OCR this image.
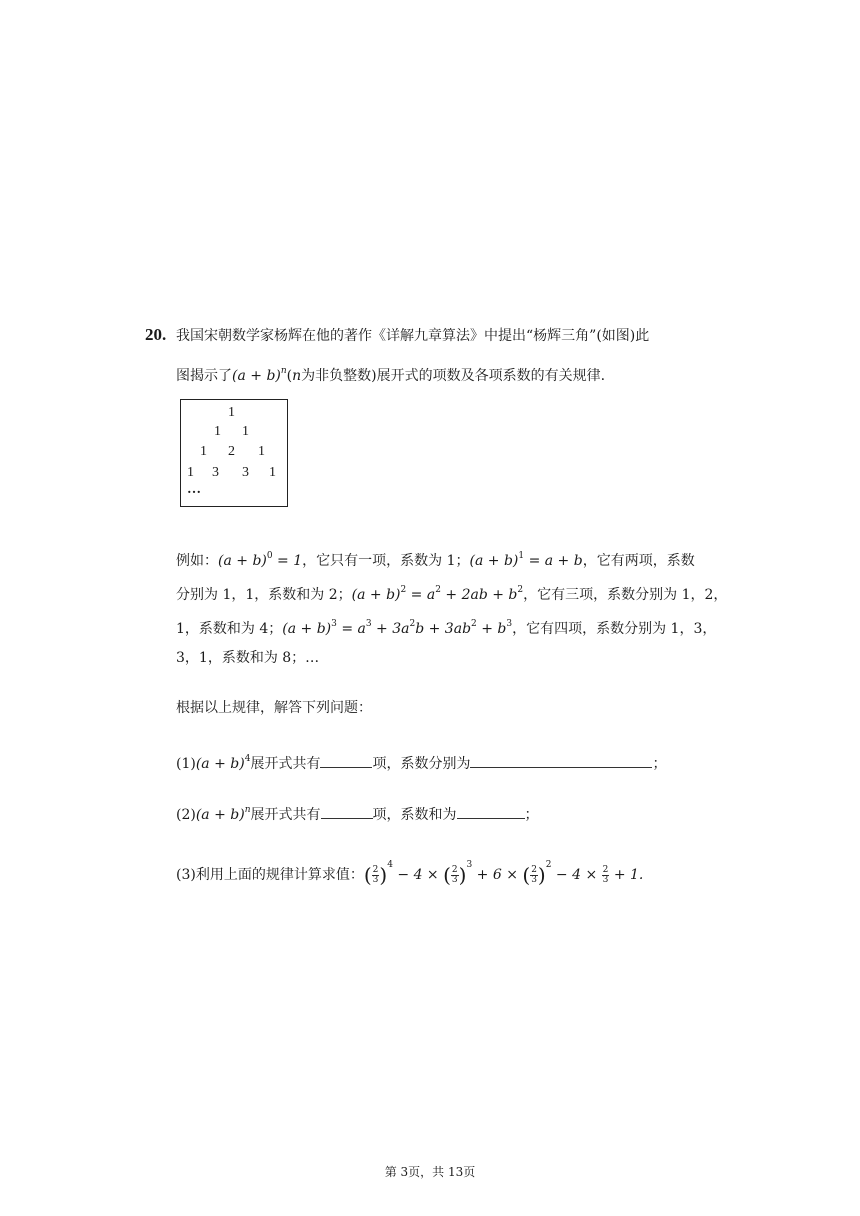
20. 我国宋朝数学家杨辉在他的著作《详解九章算法》中提出“杨辉三角”(如图)此
图揭示了$(a + b)^n(n$为非负整数)展开式的项数及各项系数的有关规律.
1
1 1
1 2 1
1 3 3 1
…
例如：$(a + b)^0 = 1$，它只有一项，系数为 1；$(a + b)^1 = a + b$，它有两项，系数
分别为 1，1，系数和为 2；$(a + b)^2 = a^2 + 2ab + b^2$，它有三项，系数分别为 1，2，
1，系数和为 4；$(a + b)^3 = a^3 + 3a^2b + 3ab^2 + b^3$，它有四项，系数分别为 1，3，
3，1，系数和为 8；…
根据以上规律，解答下列问题：
$(1)(a + b)^4$展开式共有	项，系数分别为	；
$(2)(a + b)^n$展开式共有	项，系数和为	；
(3)利用上面的规律计算求值：( $\frac{2}{3} )^4 - 4$ × ( $\frac{2}{3} )^3 + 6$ × ( $\frac{2}{3} )^2 - 4 \times \frac{2}{3} + 1$.
第 3页，共 13页
